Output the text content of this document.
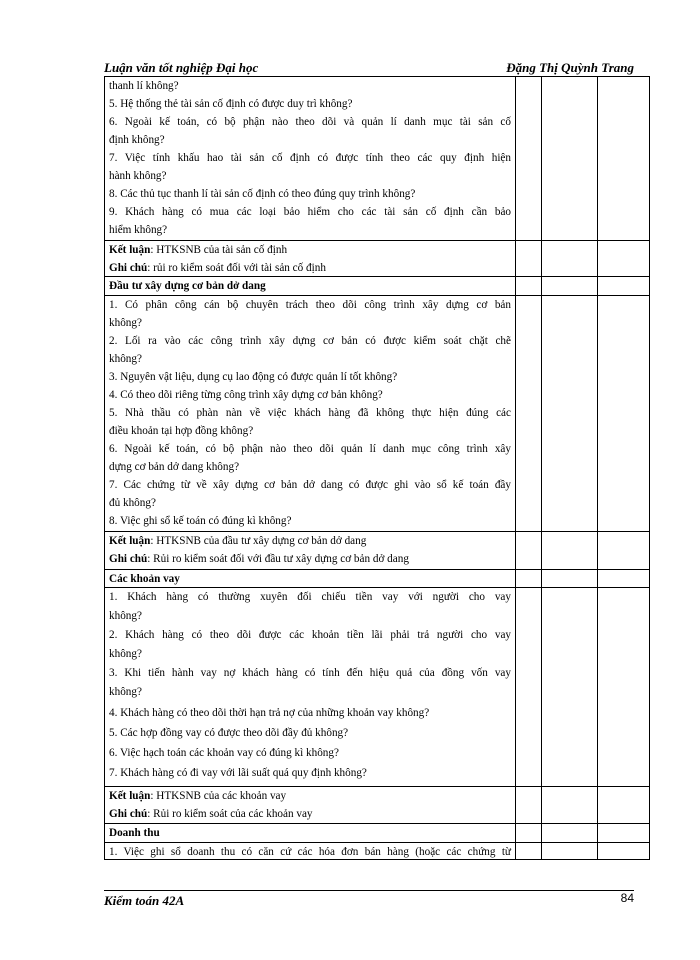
Luận văn tốt nghiệp Đại học	Đặng Thị Quỳnh Trang
thanh lí không?
5. Hệ thống thẻ tài sản cố định có được duy trì không?
6. Ngoài kế toán, có bộ phận nào theo dõi và quản lí danh mục tài sản cố
định không?
7. Việc tính khấu hao tài sản cố định có được tính theo các quy định hiện
hành không?
8. Các thủ tục thanh lí tài sản cố định có theo đúng quy trình không?
9. Khách hàng có mua các loại bảo hiểm cho các tài sản cố định cần bảo
hiểm không?
Kết luận: HTKSNB của tài sản cố định
Ghi chú: rủi ro kiểm soát đối với tài sản cố định
Đầu tư xây dựng cơ bản dở dang
1. Có phân công cán bộ chuyên trách theo dõi công trình xây dựng cơ bản
không?
2. Lối ra vào các công trình xây dựng cơ bản có được kiểm soát chặt chẽ
không?
3. Nguyên vật liệu, dụng cụ lao động có được quản lí tốt không?
4. Có theo dõi riêng từng công trình xây dựng cơ bản không?
5. Nhà thầu có phàn nàn về việc khách hàng đã không thực hiện đúng các
điều khoản tại hợp đồng không?
6. Ngoài kế toán, có bộ phận nào theo dõi quản lí danh mục công trình xây
dựng cơ bản dở dang không?
7. Các chứng từ về xây dựng cơ bản dở dang có được ghi vào sổ kế toán đầy
đủ không?
8. Việc ghi sổ kế toán có đúng kì không?
Kết luận: HTKSNB của đầu tư xây dựng cơ bản dở dang
Ghi chú: Rủi ro kiểm soát đối với đầu tư xây dựng cơ bản dở dang
Các khoản vay
1. Khách hàng có thường xuyên đối chiếu tiền vay với người cho vay
không?
2. Khách hàng có theo dõi được các khoản tiền lãi phải trả người cho vay
không?
3. Khi tiến hành vay nợ khách hàng có tính đến hiệu quả của đồng vốn vay
không?
4. Khách hàng có theo dõi thời hạn trả nợ của những khoản vay không?
5. Các hợp đồng vay có được theo dõi đầy đủ không?
6. Việc hạch toán các khoản vay có đúng kì không?
7. Khách hàng có đi vay với lãi suất quá quy định không?
Kết luận: HTKSNB của các khoản vay
Ghi chú: Rủi ro kiểm soát của các khoản vay
Doanh thu
1. Việc ghi sổ doanh thu có căn cứ các hóa đơn bán hàng (hoặc các chứng từ
Kiểm toán 42A	84
